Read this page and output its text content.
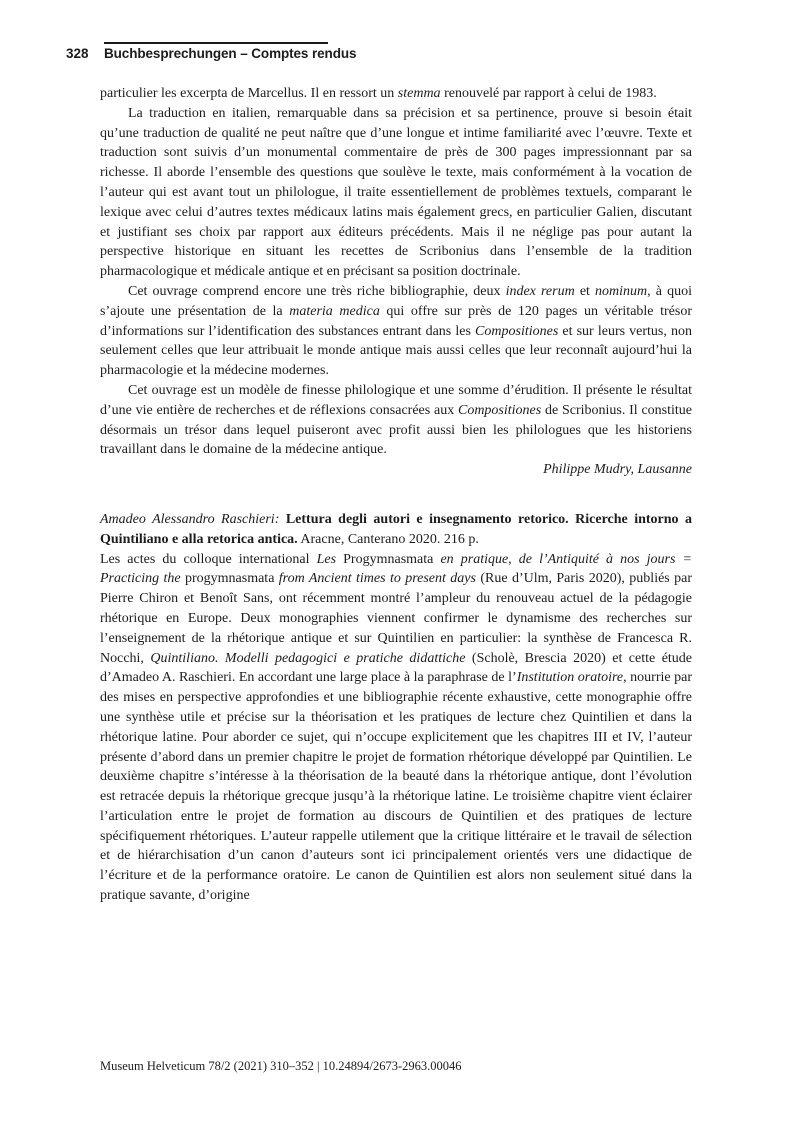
328 Buchbesprechungen – Comptes rendus

particulier les excerpta de Marcellus. Il en ressort un stemma renouvelé par rapport à celui de 1983.

La traduction en italien, remarquable dans sa précision et sa pertinence, prouve si besoin était qu’une traduction de qualité ne peut naître que d’une longue et intime familiarité avec l’œuvre. Texte et traduction sont suivis d’un monumental commentaire de près de 300 pages impressionnant par sa richesse. Il aborde l’ensemble des questions que soulève le texte, mais conformément à la vocation de l’auteur qui est avant tout un philologue, il traite essentiellement de problèmes textuels, comparant le lexique avec celui d’autres textes médicaux latins mais également grecs, en particulier Galien, discutant et justifiant ses choix par rapport aux éditeurs précédents. Mais il ne néglige pas pour autant la perspective historique en situant les recettes de Scribonius dans l’ensemble de la tradition pharmacologique et médicale antique et en précisant sa position doctrinale.

Cet ouvrage comprend encore une très riche bibliographie, deux index rerum et nominum, à quoi s’ajoute une présentation de la materia medica qui offre sur près de 120 pages un véritable trésor d’informations sur l’identification des substances entrant dans les Compositiones et sur leurs vertus, non seulement celles que leur attribuait le monde antique mais aussi celles que leur reconnaît aujourd’hui la pharmacologie et la médecine modernes.

Cet ouvrage est un modèle de finesse philologique et une somme d’érudition. Il présente le résultat d’une vie entière de recherches et de réflexions consacrées aux Compositiones de Scribonius. Il constitue désormais un trésor dans lequel puiseront avec profit aussi bien les philologues que les historiens travaillant dans le domaine de la médecine antique.

Philippe Mudry, Lausanne

Amadeo Alessandro Raschieri: Lettura degli autori e insegnamento retorico. Ricerche intorno a Quintiliano e alla retorica antica. Aracne, Canterano 2020. 216 p.

Les actes du colloque international Les Progymnasmata en pratique, de l’Antiquité à nos jours = Practicing the progymnasmata from Ancient times to present days (Rue d’Ulm, Paris 2020), publiés par Pierre Chiron et Benoît Sans, ont récemment montré l’ampleur du renouveau actuel de la pédagogie rhétorique en Europe. Deux monographies viennent confirmer le dynamisme des recherches sur l’enseignement de la rhétorique antique et sur Quintilien en particulier: la synthèse de Francesca R. Nocchi, Quintiliano. Modelli pedagogici e pratiche didattiche (Scholè, Brescia 2020) et cette étude d’Amadeo A. Raschieri. En accordant une large place à la paraphrase de l’Institution oratoire, nourrie par des mises en perspective approfondies et une bibliographie récente exhaustive, cette monographie offre une synthèse utile et précise sur la théorisation et les pratiques de lecture chez Quintilien et dans la rhétorique latine. Pour aborder ce sujet, qui n’occupe explicitement que les chapitres III et IV, l’auteur présente d’abord dans un premier chapitre le projet de formation rhétorique développé par Quintilien. Le deuxième chapitre s’intéresse à la théorisation de la beauté dans la rhétorique antique, dont l’évolution est retracée depuis la rhétorique grecque jusqu’à la rhétorique latine. Le troisième chapitre vient éclairer l’articulation entre le projet de formation au discours de Quintilien et des pratiques de lecture spécifiquement rhétoriques. L’auteur rappelle utilement que la critique littéraire et le travail de sélection et de hiérarchisation d’un canon d’auteurs sont ici principalement orientés vers une didactique de l’écriture et de la performance oratoire. Le canon de Quintilien est alors non seulement situé dans la pratique savante, d’origine

Museum Helveticum 78/2 (2021) 310–352 | 10.24894/2673-2963.00046
